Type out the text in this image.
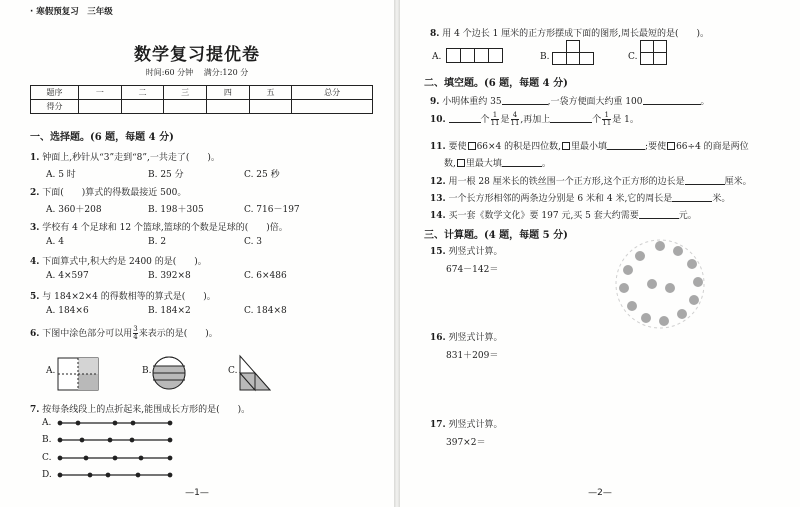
· 寒假预复习　三年级
数学复习提优卷
时间:60 分钟　 满分:120 分
题序	一	二	三	四	五	总分
得分						
一、选择题。(6 题，每题 4 分)
1. 钟面上,秒针从“3”走到“8”,一共走了(　　)。
A. 5 时	B. 25 分	C. 25 秒
2. 下面(　　)算式的得数最接近 500。
A. 360＋208	B. 198＋305	C. 716－197
3. 学校有 4 个足球和 12 个篮球,篮球的个数是足球的(　　)倍。
A. 4	B. 2	C. 3
4. 下面算式中,积大约是 2400 的是(　　)。
A. 4×597	B. 392×8	C. 6×486
5. 与 184×2×4 的得数相等的算式是(　　)。
A. 184×6	B. 184×2	C. 184×8
6. 下图中涂色部分可以用 $\frac{3}{4}$ 来表示的是(　　)。
A.	B.	C.
7. 按每条线段上的点折起来,能围成长方形的是(　　)。
A.
B.
C.
D.
—1—
8. 用 4 个边长 1 厘米的正方形摆成下面的图形,周长最短的是(　　)。
A.	B.	C.
二、填空题。(6 题，每题 4 分)
9. 小明体重约 35	,一袋方便面大约重 100	。
10.	个 $\frac{1}{11}$ 是 $\frac{4}{11}$ ,再加上	个 $\frac{1}{11}$ 是 1。
11. 要使 66×4 的积是四位数, 里最小填	;要使 66÷4 的商是两位
数, 里最大填	。
12. 用一根 28 厘米长的铁丝围一个正方形,这个正方形的边长是	厘米。
13. 一个长方形相邻的两条边分别是 6 米和 4 米,它的周长是	米。
14. 买一套《数学文化》要 197 元,买 5 套大约需要	元。
三、计算题。(4 题，每题 5 分)
15. 列竖式计算。
674－142＝
16. 列竖式计算。
831＋209＝
17. 列竖式计算。
397×2＝
—2—
